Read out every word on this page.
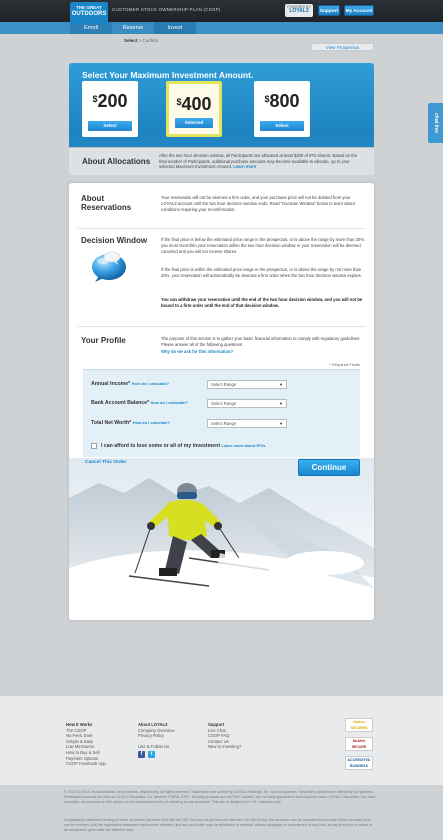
THE GREAT
OUTDOORS
CUSTOMER STOCK OWNERSHIP PLAN (CSOP)	POWERED BY
LOYAL3	Support	My Account
Enroll	Reserve	Invest
Select > Confirm
View Prospectus
chat live
Select Your Maximum Investment Amount.
$200
Select
$400
Selected
$800
Select
About Allocations
After the two hour decision window, all Participants are allocated at least $200 of IPO shares. Based on the final number of Participants, additional purchase amounts may become available to allocate, up to your selected Maximum Investment Amount. Learn more
About
Reservations
Your reservation will not be deemed a firm order, and your purchase price will not be debited from your LOYAL3 account until the two hour decision window ends. Read "Decision Window" below to learn about conditions requiring your reconfirmation.
Decision Window	If the final price is below the estimated price range in the prospectus, or is above the range by more than 20%, you must reconfirm your reservation within the two hour decision window or your reservation will be deemed canceled and you will not receive shares.
If the final price is within the estimated price range in the prospectus, or is above the range by not more than 20%, your reservation will automatically be deemed a firm order when the two hour decision window expires.
You can withdraw your reservation until the end of the two hour decision window, and you will not be bound to a firm order until the end of that decision window.
Your Profile	The purpose of this section is to gather your basic financial information to comply with regulatory guidelines. Please answer all of the following questions.
Why do we ask for this information?
* Required Fields
Annual Income* How do I calculate?	Select Range	▼
Bank Account Balance* How do I calculate?	Select Range	▼
Total Net Worth* How do I calculate?	Select Range	▼
I can afford to lose some or all of my investment Learn more about IPOs
Cancel This Order
Continue
How It Works
The CSOP
No Fees, Ever
Simple & Easy
Low Minimums
How to Buy & Sell
Payment Options
CSOP Facebook App
About LOYAL3
Company Overview
Privacy Policy

Like & Follow Us
f	t
Support
Live Chat
CSOP FAQ
Contact Us
New to Investing?
Norton
SECURED
McAfee SECURE
ACCREDITED BUSINESS
© 2013 LOYAL3, its subsidiaries, and partners, respectively. All rights reserved. Trademarks are owned by LOYAL3 Holdings, Inc. and our partners. Securities products are offered by our partners. Participant accounts are held at LOYAL3 Securities, Inc. Member FINRA, SIPC. Security products are not FDIC insured, are not bank guaranteed and may lose value. LOYAL3 Securities, Inc. does not solicit, recommend or offer advice on the investment merits of investing in any securities. This site is designed for U.S. residents only.
A registration statement relating to these securities has been filed with the SEC but has not yet become effective. No offer to buy the securities can be accepted and no part of the purchase price can be received until the registration statement has become effective, and any such offer may be withdrawn or revoked, without obligation or commitment of any kind, at any time prior to notice of its acceptance given after the effective date.
